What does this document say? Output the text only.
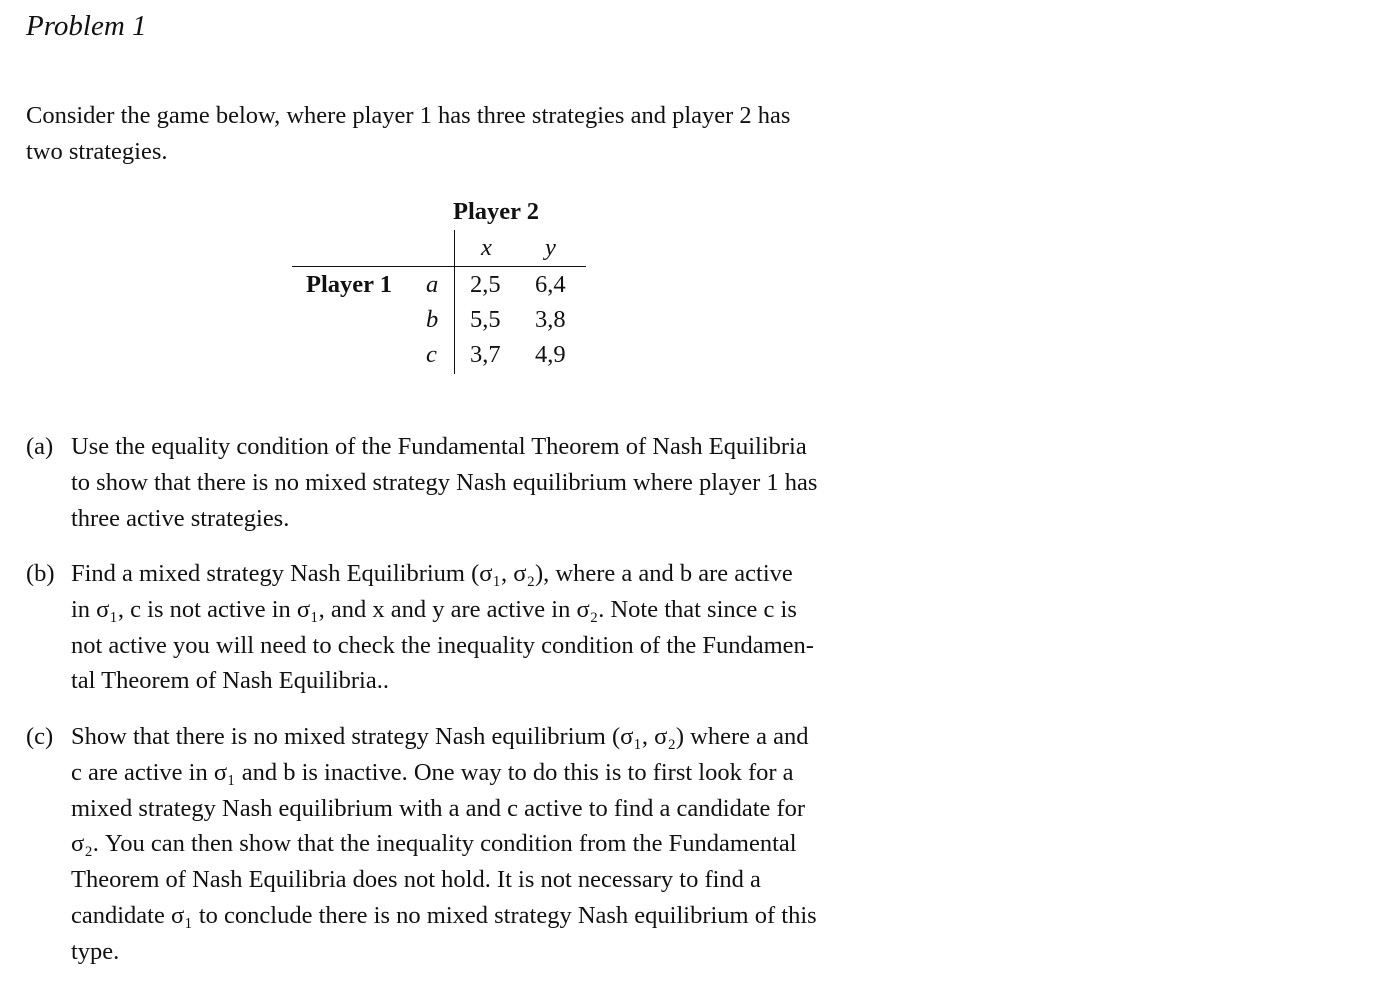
Problem 1
Consider the game below, where player 1 has three strategies and player 2 has
two strategies.
Player 2
x y
Player 1 a 2,5 6,4
b 5,5 3,8
c 3,7 4,9
(a) Use the equality condition of the Fundamental Theorem of Nash Equilibria
to show that there is no mixed strategy Nash equilibrium where player 1 has
three active strategies.
(b) Find a mixed strategy Nash Equilibrium (σ₁, σ₂), where a and b are active
in σ₁, c is not active in σ₁, and x and y are active in σ₂. Note that since c is
not active you will need to check the inequality condition of the Fundamen-
tal Theorem of Nash Equilibria..
(c) Show that there is no mixed strategy Nash equilibrium (σ₁, σ₂) where a and
c are active in σ₁ and b is inactive. One way to do this is to first look for a
mixed strategy Nash equilibrium with a and c active to find a candidate for
σ₂. You can then show that the inequality condition from the Fundamental
Theorem of Nash Equilibria does not hold. It is not necessary to find a
candidate σ₁ to conclude there is no mixed strategy Nash equilibrium of this
type.
